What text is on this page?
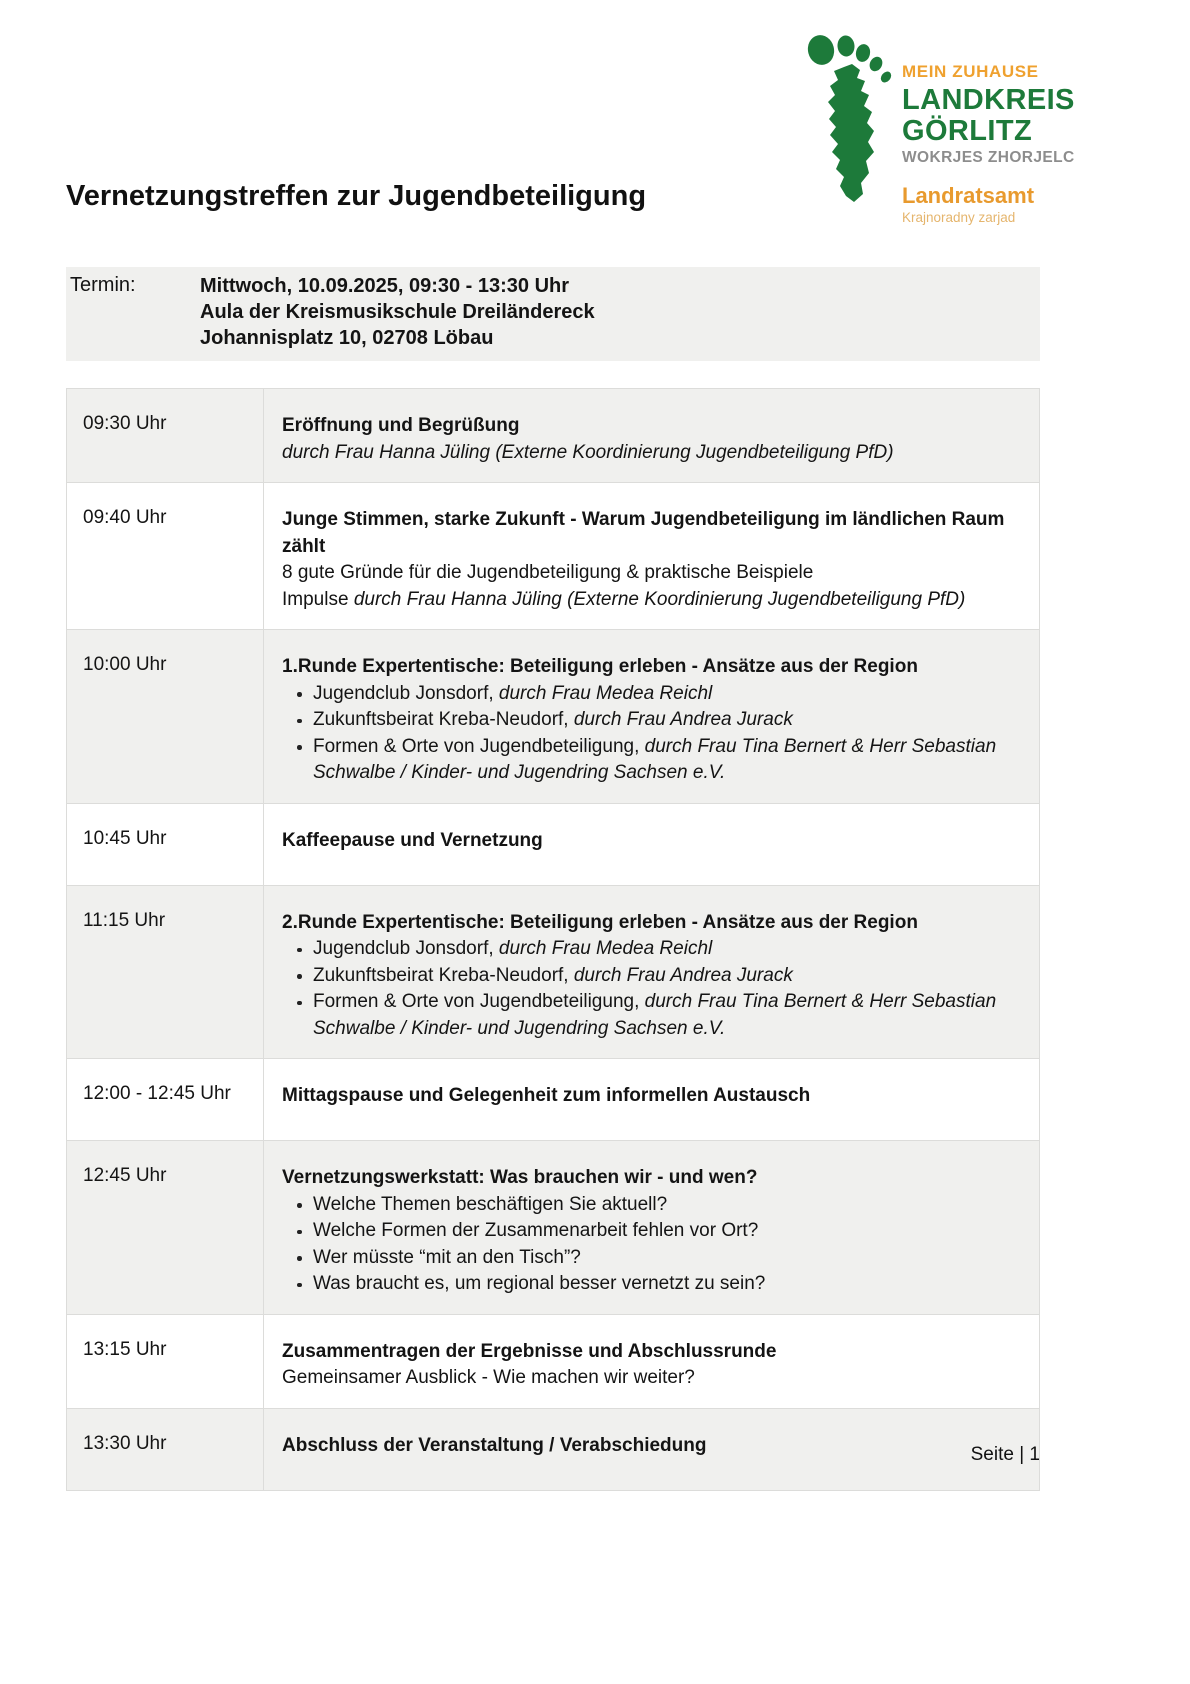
MEIN ZUHAUSE
LANDKREIS
GÖRLITZ
WOKRJES ZHORJELC
Landratsamt
Krajnoradny zarjad
Vernetzungstreffen zur Jugendbeteiligung
Termin:	Mittwoch, 10.09.2025, 09:30 - 13:30 Uhr
Aula der Kreismusikschule Dreiländereck
Johannisplatz 10, 02708 Löbau
09:30 Uhr	Eröffnung und Begrüßung
durch Frau Hanna Jüling (Externe Koordinierung Jugendbeteiligung PfD)
09:40 Uhr	Junge Stimmen, starke Zukunft - Warum Jugendbeteiligung im ländlichen Raum zählt
8 gute Gründe für die Jugendbeteiligung & praktische Beispiele
Impulse durch Frau Hanna Jüling (Externe Koordinierung Jugendbeteiligung PfD)
10:00 Uhr	1.Runde Expertentische: Beteiligung erleben - Ansätze aus der Region
Jugendclub Jonsdorf, durch Frau Medea Reichl
Zukunftsbeirat Kreba-Neudorf, durch Frau Andrea Jurack
Formen & Orte von Jugendbeteiligung, durch Frau Tina Bernert & Herr Sebastian Schwalbe / Kinder- und Jugendring Sachsen e.V.
10:45 Uhr	Kaffeepause und Vernetzung
11:15 Uhr	2.Runde Expertentische: Beteiligung erleben - Ansätze aus der Region
Jugendclub Jonsdorf, durch Frau Medea Reichl
Zukunftsbeirat Kreba-Neudorf, durch Frau Andrea Jurack
Formen & Orte von Jugendbeteiligung, durch Frau Tina Bernert & Herr Sebastian Schwalbe / Kinder- und Jugendring Sachsen e.V.
12:00 - 12:45 Uhr	Mittagspause und Gelegenheit zum informellen Austausch
12:45 Uhr	Vernetzungswerkstatt: Was brauchen wir - und wen?
Welche Themen beschäftigen Sie aktuell?
Welche Formen der Zusammenarbeit fehlen vor Ort?
Wer müsste “mit an den Tisch”?
Was braucht es, um regional besser vernetzt zu sein?
13:15 Uhr	Zusammentragen der Ergebnisse und Abschlussrunde
Gemeinsamer Ausblick - Wie machen wir weiter?
13:30 Uhr	Abschluss der Veranstaltung / Verabschiedung	Seite | 1
